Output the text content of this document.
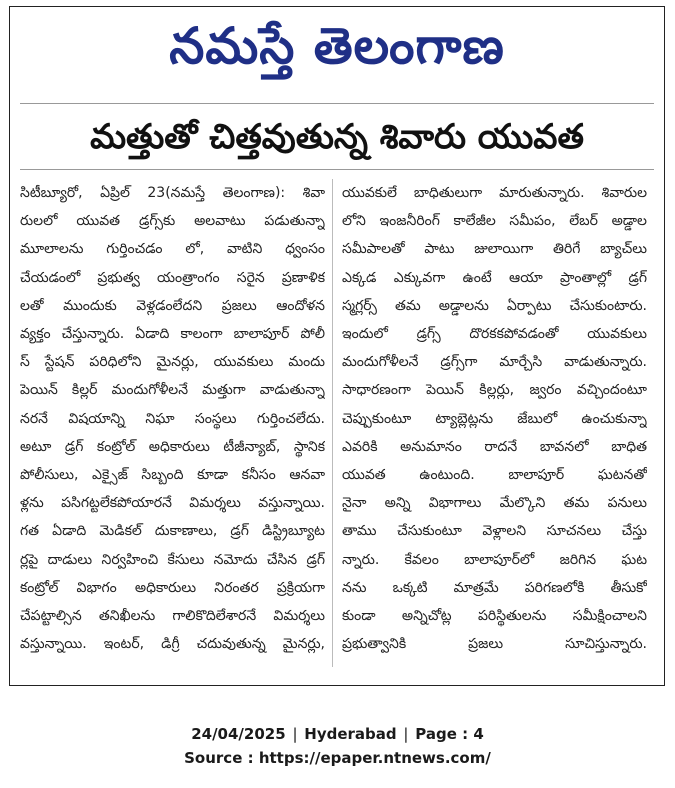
నమస్తే తెలంగాణ
మత్తుతో చిత్తవుతున్న శివారు యువత
సిటీబ్యూరో, ఏప్రిల్ 23(నమస్తే తెలంగాణ): శివా
రులలో యువత డ్రగ్స్‌కు అలవాటు పడుతున్నా
మూలాలను గుర్తించడం లో, వాటిని ధ్వంసం
చేయడంలో ప్రభుత్వ యంత్రాంగం సరైన ప్రణాళిక
లతో ముందుకు వెళ్లడంలేదని ప్రజలు ఆందోళన
వ్యక్తం చేస్తున్నారు. ఏడాది కాలంగా బాలాపూర్ పోలీ
స్ స్టేషన్ పరిధిలోని మైనర్లు, యువకులు మందు
పెయిన్ కిల్లర్ మందుగోళీలనే మత్తుగా వాడుతున్నా
నరనే విషయాన్ని నిఘా సంస్థలు గుర్తించలేదు.
అటూ డ్రగ్ కంట్రోల్ అధికారులు టీజీన్యాబ్, స్థానిక
పోలీసులు, ఎక్సైజ్ సిబ్బంది కూడా కనీసం ఆనవా
ళ్లను పసిగట్టలేకపోయారనే విమర్శలు వస్తున్నాయి.
గత ఏడాది మెడికల్ దుకాణాలు, డ్రగ్ డిస్ట్రిబ్యూట
ర్లపై దాడులు నిర్వహించి కేసులు నమోదు చేసిన డ్రగ్
కంట్రోల్ విభాగం అధికారులు నిరంతర ప్రక్రియగా
చేపట్టాల్సిన తనిఖీలను గాలికొదిలేశారనే విమర్శలు
వస్తున్నాయి. ఇంటర్, డిగ్రీ చదువుతున్న మైనర్లు,
యువకులే బాధితులుగా మారుతున్నారు. శివారుల
లోని ఇంజనీరింగ్ కాలేజీల సమీపం, లేబర్ అడ్డాల
సమీపాలతో పాటు జులాయిగా తిరిగే బ్యాచ్‌లు
ఎక్కడ ఎక్కువగా ఉంటే ఆయా ప్రాంతాల్లో డ్రగ్
స్మగ్లర్స్ తమ అడ్డాలను ఏర్పాటు చేసుకుంటారు.
ఇందులో డ్రగ్స్ దొరకకపోవడంతో యువకులు
మందుగోళీలనే డ్రగ్స్‌గా మార్చేసి వాడుతున్నారు.
సాధారణంగా పెయిన్ కిల్లర్లు, జ్వరం వచ్చిందంటూ
చెప్పుకుంటూ ట్యాబ్లెట్లను జేబులో ఉంచుకున్నా
ఎవరికి అనుమానం రాదనే బావనలో బాధిత
యువత ఉంటుంది. బాలాపూర్ ఘటనతో
నైనా అన్ని విభాగాలు మేల్కొని తమ పనులు
తాము చేసుకుంటూ వెళ్లాలని సూచనలు చేస్తు
న్నారు. కేవలం బాలాపూర్‌లో జరిగిన ఘట
నను ఒక్కటి మాత్రమే పరిగణలోకి తీసుకో
కుండా అన్నిచోట్ల పరిస్థితులను సమీక్షించాలని
ప్రభుత్వానికి ప్రజలు సూచిస్తున్నారు.
24/04/2025 | Hyderabad | Page : 4
Source : https://epaper.ntnews.com/
